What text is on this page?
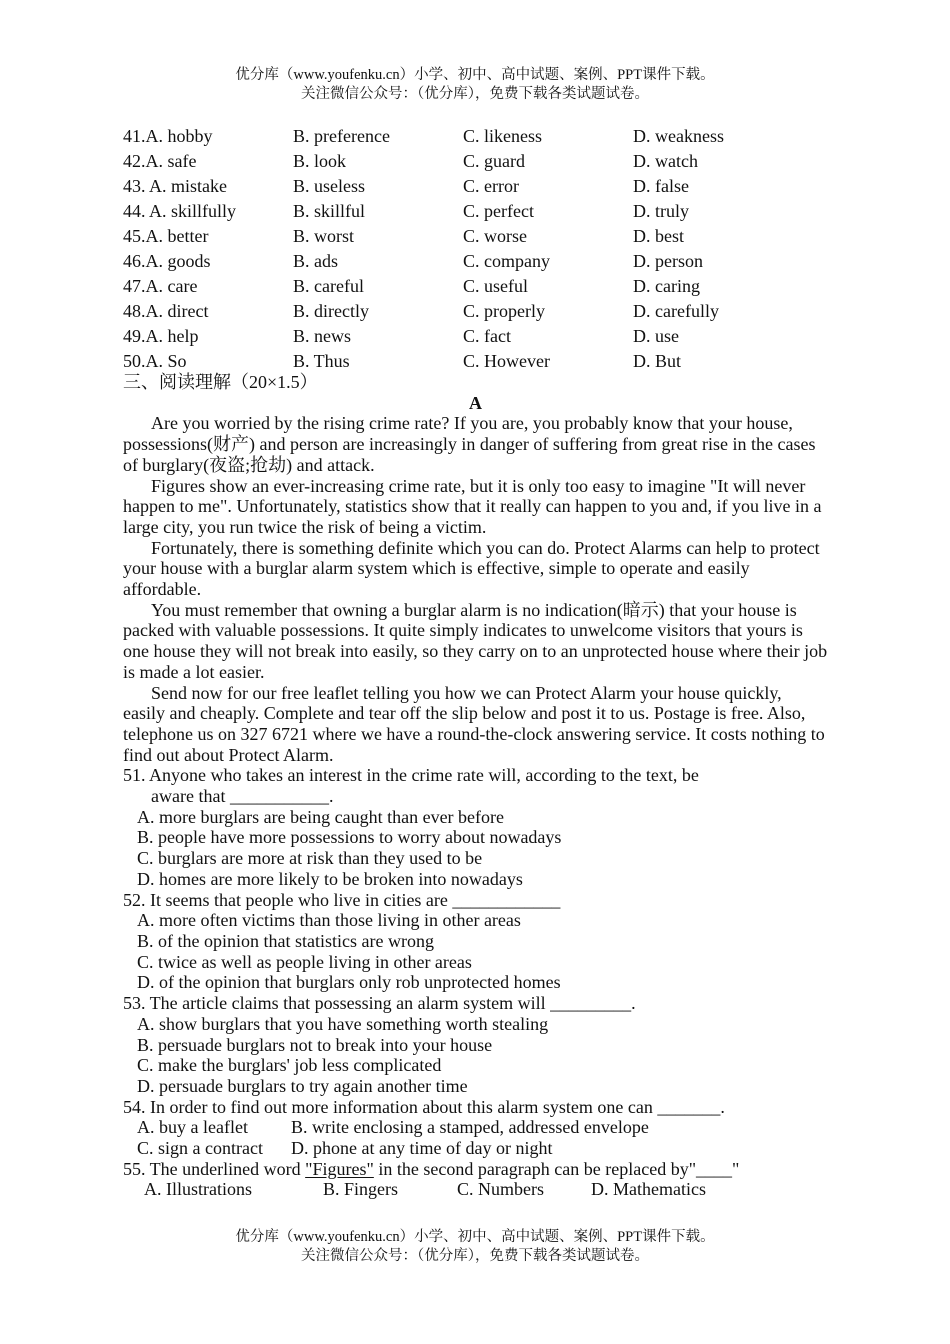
优分库（www.youfenku.cn）小学、初中、高中试题、案例、PPT课件下载。
关注微信公众号：（优分库），免费下载各类试题试卷。
41.A. hobby	B. preference	C. likeness	D. weakness
42.A. safe	B. look	C. guard	D. watch
43. A. mistake	B. useless	C. error	D. false
44. A. skillfully	B. skillful	C. perfect	D. truly
45.A. better	B. worst	C. worse	D. best
46.A. goods	B. ads	C. company	D. person
47.A. care	B. careful	C. useful	D. caring
48.A. direct	B. directly	C. properly	D. carefully
49.A. help	B. news	C. fact	D. use
50.A. So	B. Thus	C. However	D. But
三、阅读理解（20×1.5）
A

Are you worried by the rising crime rate? If you are, you probably know that your house, possessions(财产) and person are increasingly in danger of suffering from great rise in the cases of burglary(夜盗;抢劫) and attack.

Figures show an ever-increasing crime rate, but it is only too easy to imagine "It will never happen to me". Unfortunately, statistics show that it really can happen to you and, if you live in a large city, you run twice the risk of being a victim.

Fortunately, there is something definite which you can do. Protect Alarms can help to protect your house with a burglar alarm system which is effective, simple to operate and easily affordable.

You must remember that owning a burglar alarm is no indication(暗示) that your house is packed with valuable possessions. It quite simply indicates to unwelcome visitors that yours is one house they will not break into easily, so they carry on to an unprotected house where their job is made a lot easier.

Send now for our free leaflet telling you how we can Protect Alarm your house quickly, easily and cheaply. Complete and tear off the slip below and post it to us. Postage is free. Also, telephone us on 327 6721 where we have a round-the-clock answering service. It costs nothing to find out about Protect Alarm.

51. Anyone who takes an interest in the crime rate will, according to the text, be
aware that ___________.
A. more burglars are being caught than ever before
B. people have more possessions to worry about nowadays
C. burglars are more at risk than they used to be
D. homes are more likely to be broken into nowadays
52. It seems that people who live in cities are ____________
A. more often victims than those living in other areas
B. of the opinion that statistics are wrong
C. twice as well as people living in other areas
D. of the opinion that burglars only rob unprotected homes
53. The article claims that possessing an alarm system will _________.
A. show burglars that you have something worth stealing
B. persuade burglars not to break into your house
C. make the burglars' job less complicated
D. persuade burglars to try again another time
54. In order to find out more information about this alarm system one can _______.
A. buy a leaflet B. write enclosing a stamped, addressed envelope
C. sign a contract D. phone at any time of day or night
55. The underlined word "Figures" in the second paragraph can be replaced by"____"
A. Illustrations	B. Fingers	C. Numbers	D. Mathematics
优分库（www.youfenku.cn）小学、初中、高中试题、案例、PPT课件下载。
关注微信公众号：（优分库），免费下载各类试题试卷。
